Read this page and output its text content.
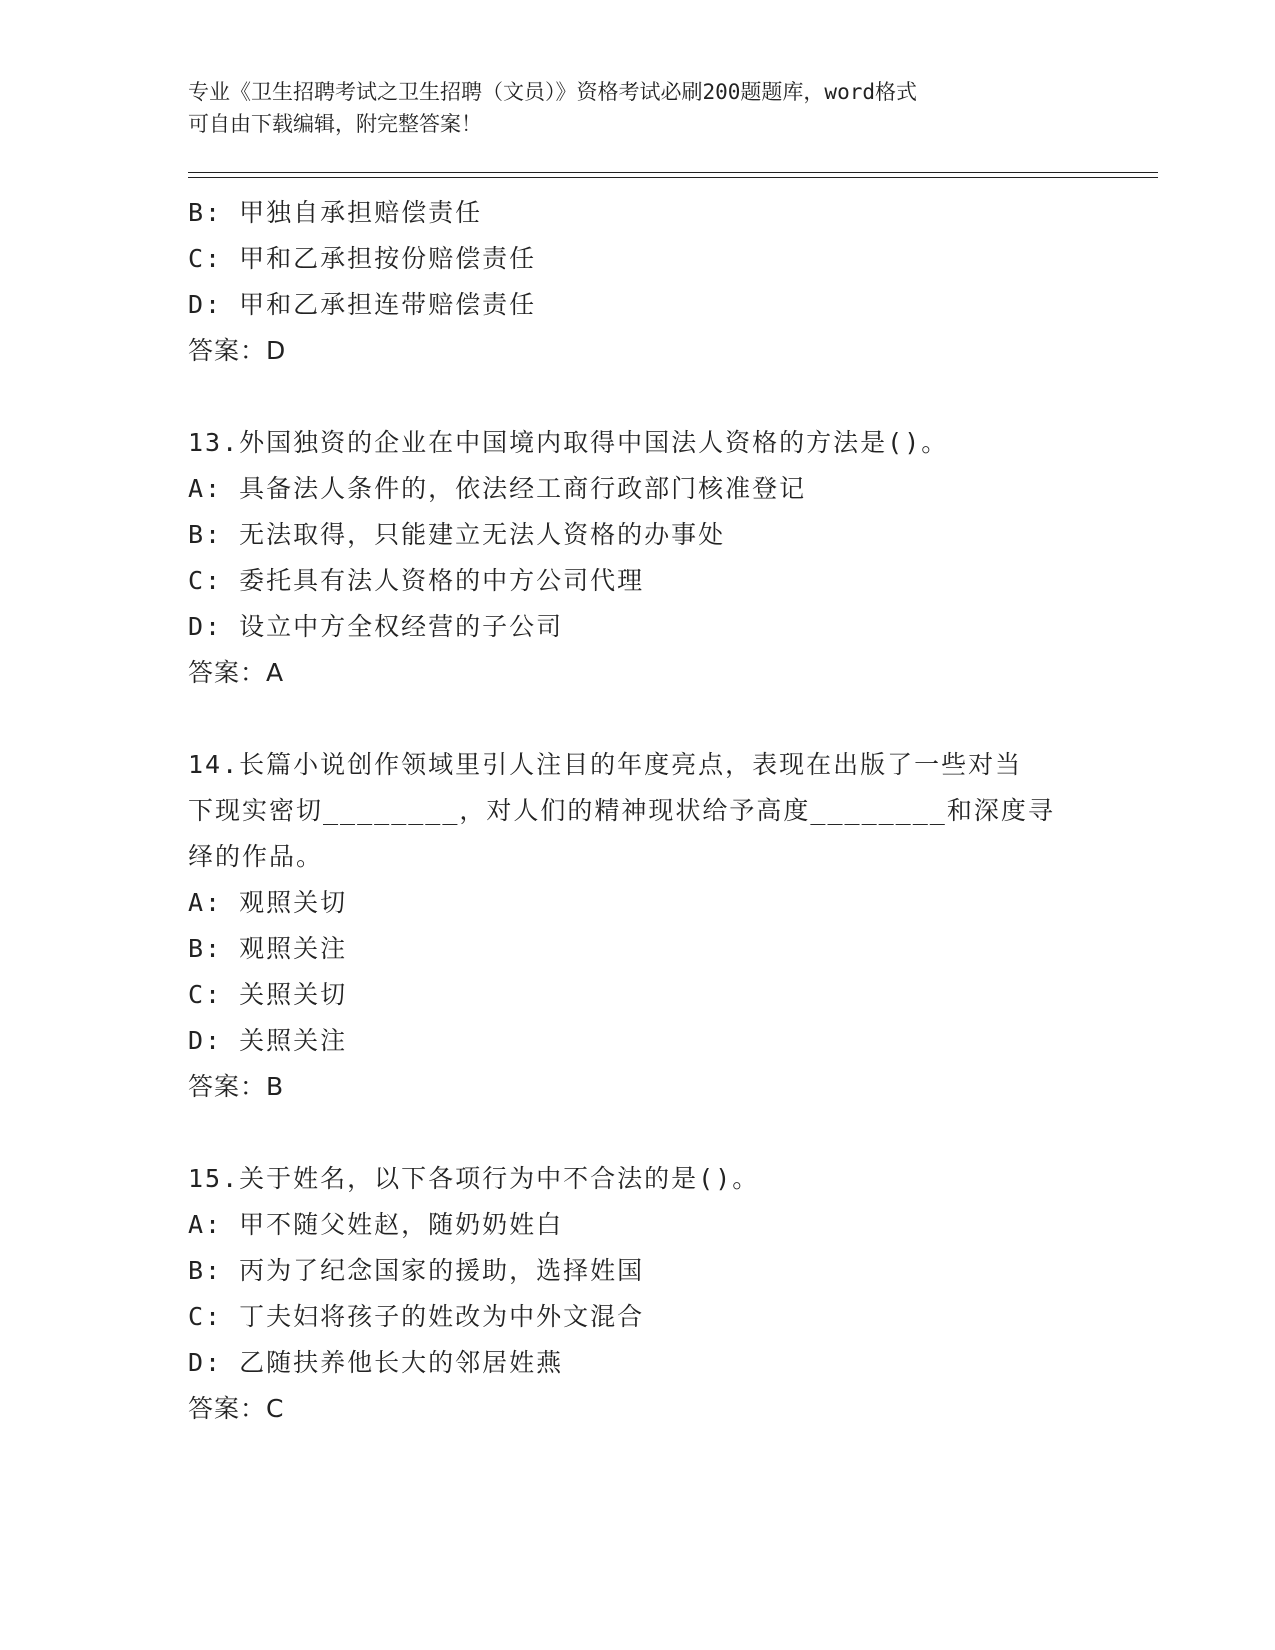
专业《卫生招聘考试之卫生招聘（文员）》资格考试必刷200题题库，word格式
可自由下载编辑，附完整答案！
B: 甲独自承担赔偿责任
C: 甲和乙承担按份赔偿责任
D: 甲和乙承担连带赔偿责任
答案：D
13.外国独资的企业在中国境内取得中国法人资格的方法是()。
A: 具备法人条件的，依法经工商行政部门核准登记
B: 无法取得，只能建立无法人资格的办事处
C: 委托具有法人资格的中方公司代理
D: 设立中方全权经营的子公司
答案：A
14.长篇小说创作领域里引人注目的年度亮点，表现在出版了一些对当
下现实密切________，对人们的精神现状给予高度________和深度寻
绎的作品。
A: 观照关切
B: 观照关注
C: 关照关切
D: 关照关注
答案：B
15.关于姓名，以下各项行为中不合法的是()。
A: 甲不随父姓赵，随奶奶姓白
B: 丙为了纪念国家的援助，选择姓国
C: 丁夫妇将孩子的姓改为中外文混合
D: 乙随扶养他长大的邻居姓燕
答案：C
